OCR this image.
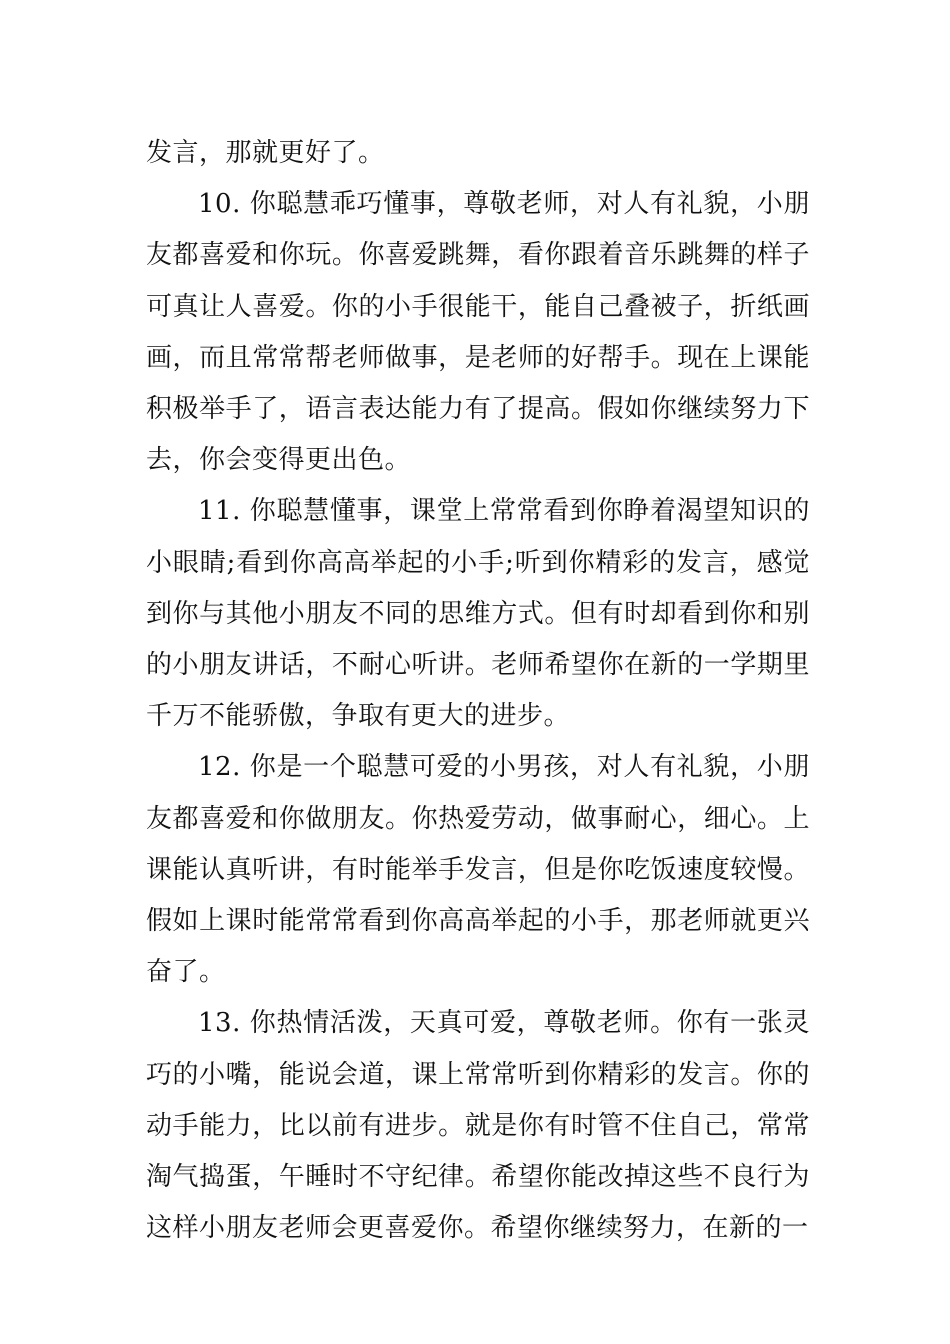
发言，那就更好了。

10. 你聪慧乖巧懂事，尊敬老师，对人有礼貌，小朋友都喜爱和你玩。你喜爱跳舞，看你跟着音乐跳舞的样子可真让人喜爱。你的小手很能干，能自己叠被子，折纸画画，而且常常帮老师做事，是老师的好帮手。现在上课能积极举手了，语言表达能力有了提高。假如你继续努力下去，你会变得更出色。

11. 你聪慧懂事，课堂上常常看到你睁着渴望知识的小眼睛;看到你高高举起的小手;听到你精彩的发言，感觉到你与其他小朋友不同的思维方式。但有时却看到你和别的小朋友讲话，不耐心听讲。老师希望你在新的一学期里千万不能骄傲，争取有更大的进步。

12. 你是一个聪慧可爱的小男孩，对人有礼貌，小朋友都喜爱和你做朋友。你热爱劳动，做事耐心，细心。上课能认真听讲，有时能举手发言，但是你吃饭速度较慢。假如上课时能常常看到你高高举起的小手，那老师就更兴奋了。

13. 你热情活泼，天真可爱，尊敬老师。你有一张灵巧的小嘴，能说会道，课上常常听到你精彩的发言。你的动手能力，比以前有进步。就是你有时管不住自己，常常淘气捣蛋，午睡时不守纪律。希望你能改掉这些不良行为这样小朋友老师会更喜爱你。希望你继续努力，在新的一
